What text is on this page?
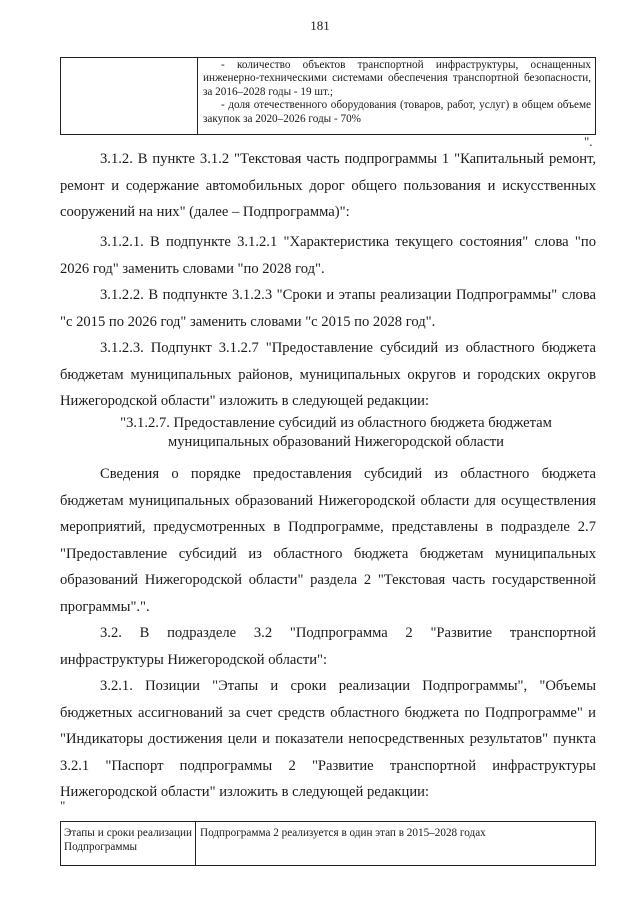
181

- количество объектов транспортной инфраструктуры, оснащенных инженерно-техническими системами обеспечения транспортной безопасности, за 2016–2028 годы - 19 шт.;

- доля отечественного оборудования (товаров, работ, услуг) в общем объеме закупок за 2020–2026 годы - 70%

".

3.1.2. В пункте 3.1.2 "Текстовая часть подпрограммы 1 "Капитальный ремонт, ремонт и содержание автомобильных дорог общего пользования и искусственных сооружений на них" (далее – Подпрограмма)":

3.1.2.1. В подпункте 3.1.2.1 "Характеристика текущего состояния" слова "по 2026 год" заменить словами "по 2028 год".

3.1.2.2. В подпункте 3.1.2.3 "Сроки и этапы реализации Подпрограммы" слова "с 2015 по 2026 год" заменить словами "с 2015 по 2028 год".

3.1.2.3. Подпункт 3.1.2.7 "Предоставление субсидий из областного бюджета бюджетам муниципальных районов, муниципальных округов и городских округов Нижегородской области" изложить в следующей редакции:

"3.1.2.7. Предоставление субсидий из областного бюджета бюджетам муниципальных образований Нижегородской области

Сведения о порядке предоставления субсидий из областного бюджета бюджетам муниципальных образований Нижегородской области для осуществления мероприятий, предусмотренных в Подпрограмме, представлены в подразделе 2.7 "Предоставление субсидий из областного бюджета бюджетам муниципальных образований Нижегородской области" раздела 2 "Текстовая часть государственной программы".".

3.2. В подразделе 3.2 "Подпрограмма 2 "Развитие транспортной инфраструктуры Нижегородской области":

3.2.1. Позиции "Этапы и сроки реализации Подпрограммы", "Объемы бюджетных ассигнований за счет средств областного бюджета по Подпрограмме" и "Индикаторы достижения цели и показатели непосредственных результатов" пункта 3.2.1 "Паспорт подпрограммы 2 "Развитие транспортной инфраструктуры Нижегородской области" изложить в следующей редакции:

"
Этапы и сроки реализации Подпрограммы	Подпрограмма 2 реализуется в один этап в 2015–2028 годах
